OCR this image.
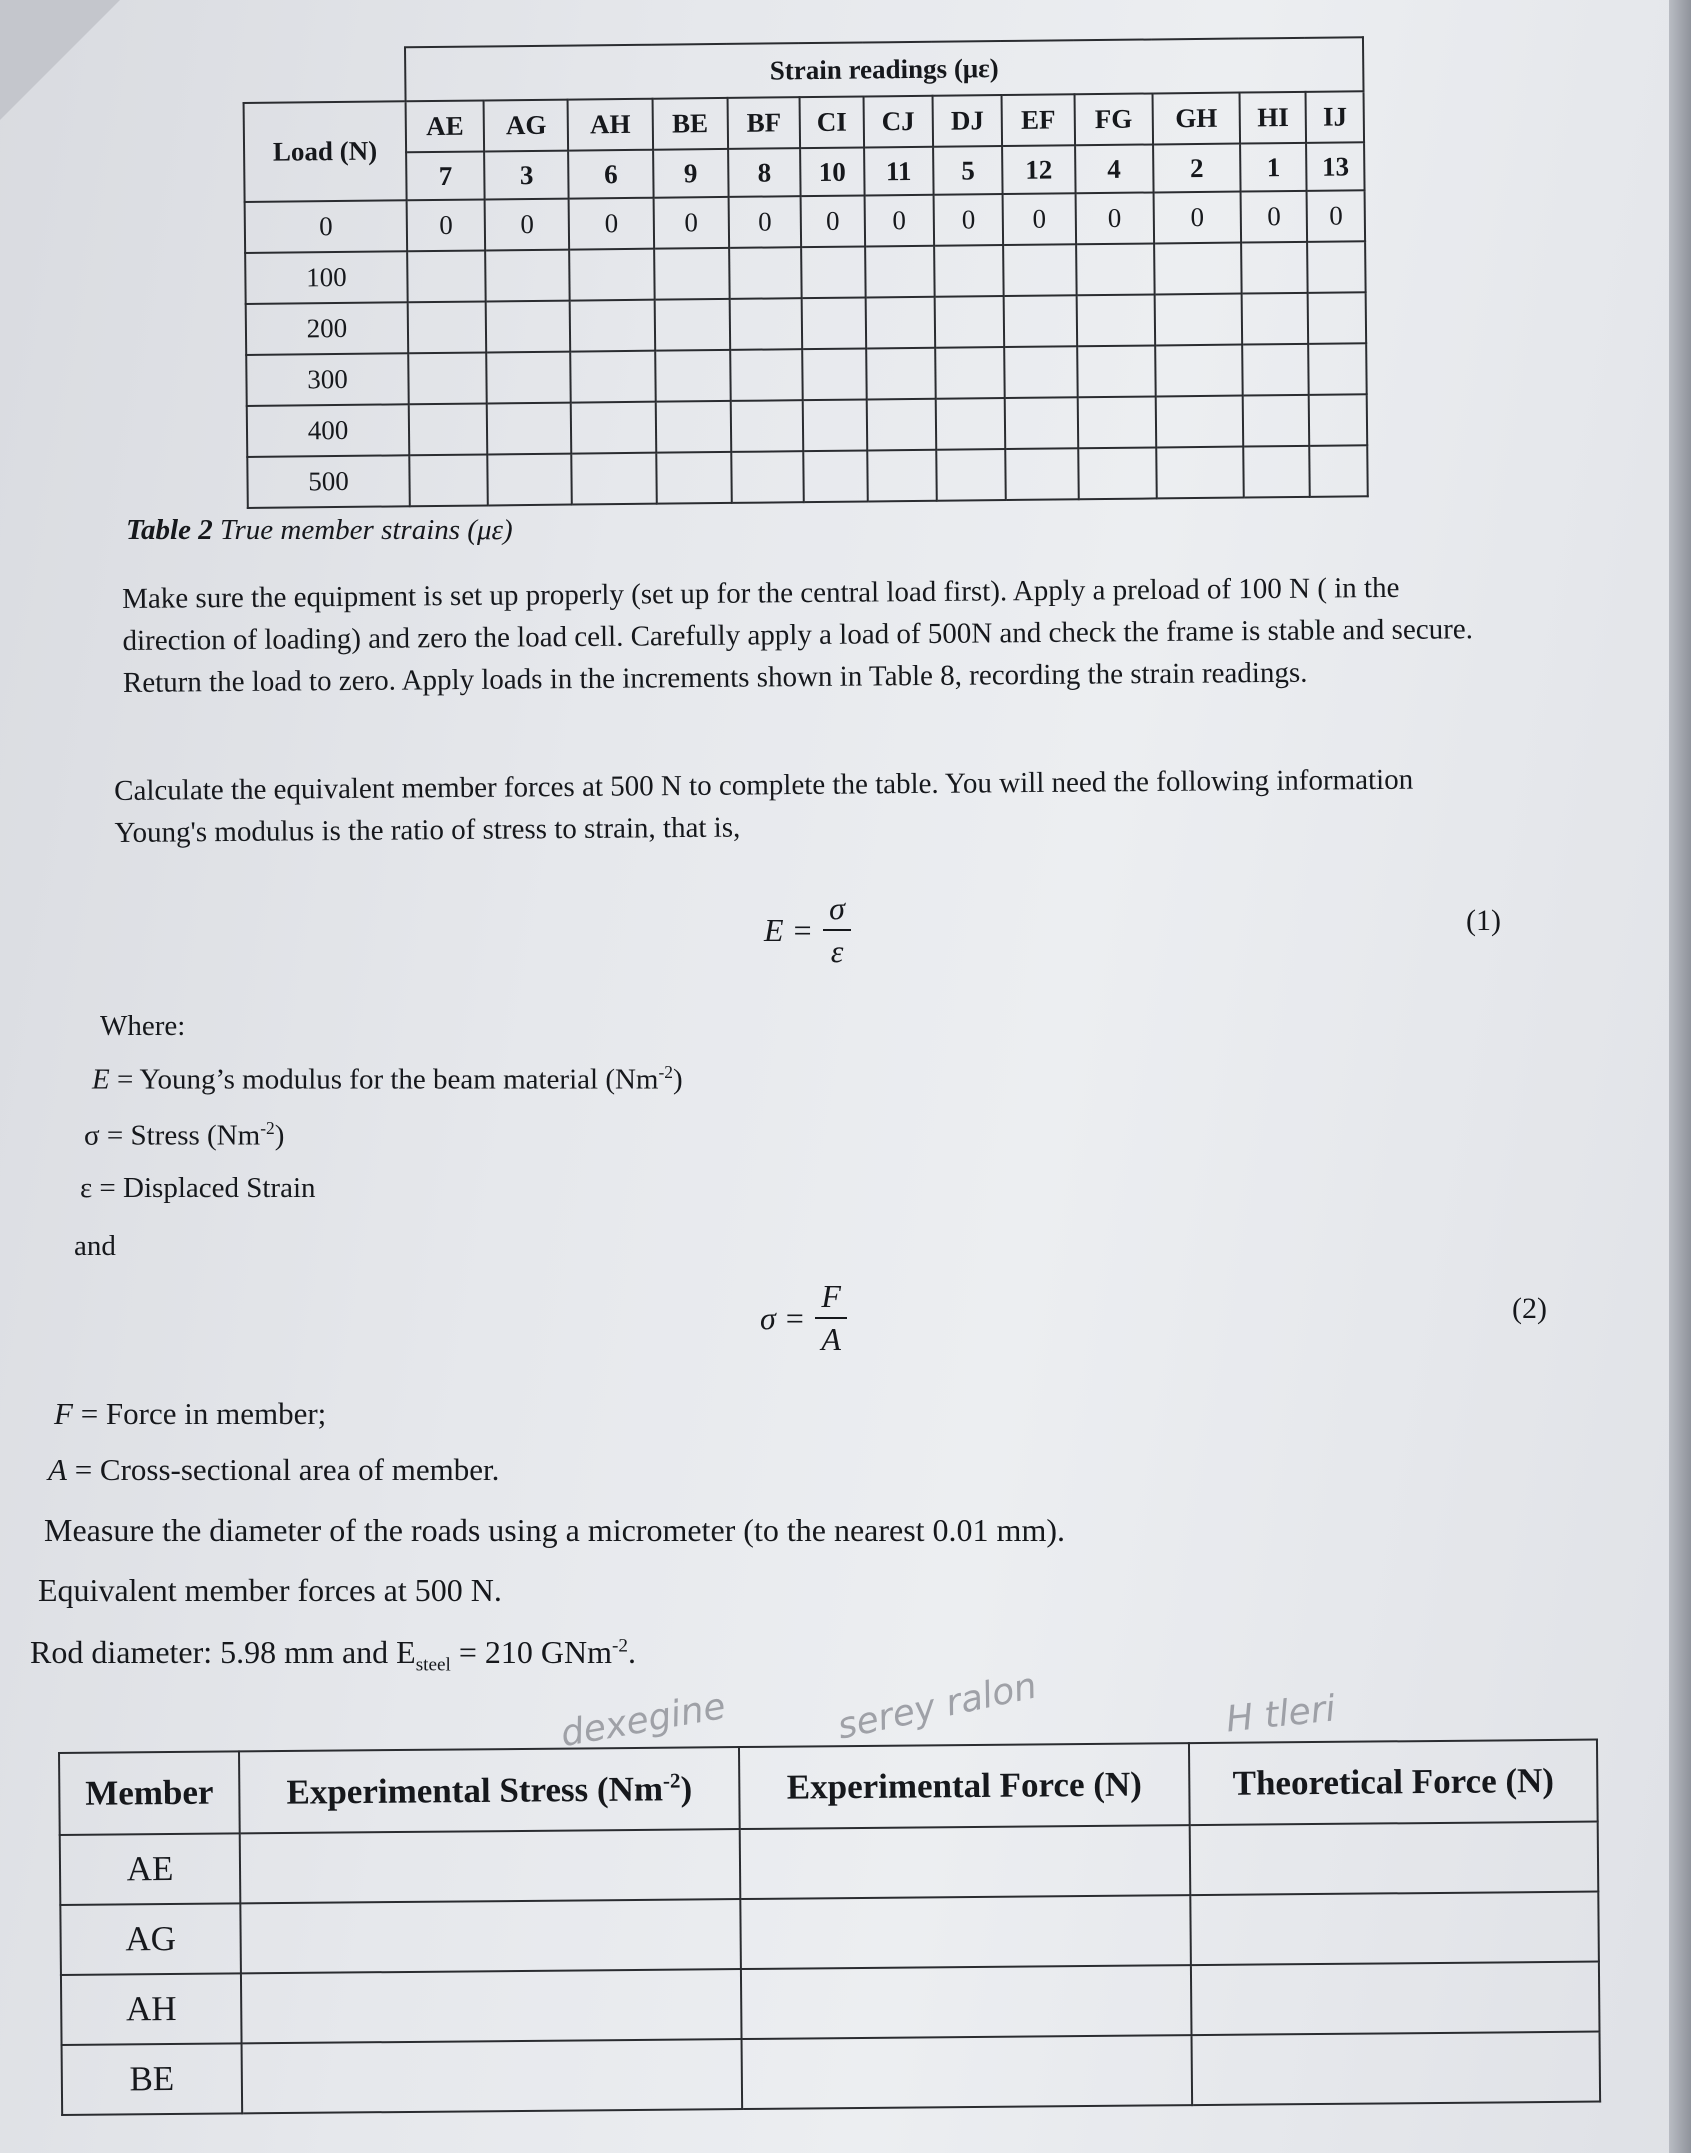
	Strain readings (με)												
Load (N)	AE	AG	AH	BE	BF	CI	CJ	DJ	EF	FG	GH	HI	IJ
	7	3	6	9	8	10	11	5	12	4	2	1	13
0	0	0	0	0	0	0	0	0	0	0	0	0	0
100													
200													
300													
400													
500													
Table 2 True member strains (με)
Make sure the equipment is set up properly (set up for the central load first). Apply a preload of 100 N ( in the direction of loading) and zero the load cell. Carefully apply a load of 500N and check the frame is stable and secure. Return the load to zero. Apply loads in the increments shown in Table 8, recording the strain readings.
Calculate the equivalent member forces at 500 N to complete the table. You will need the following information Young's modulus is the ratio of stress to strain, that is,
$E = \frac{\sigma}{\varepsilon}$	(1)
Where:
E = Young’s modulus for the beam material $(Nm^{-2})$
σ = Stress $(Nm^{-2})$
ε = Displaced Strain
and
$\sigma = \frac{F}{A}$	(2)
F = Force in member;
A = Cross-sectional area of member.
Measure the diameter of the roads using a micrometer (to the nearest 0.01 mm).
Equivalent member forces at 500 N.
Rod diameter: 5.98 mm and $E_{steel} = 210$ GNm$^{-2}$.
dexegine	serey ralon	H tleri
Member	Experimental Stress $(Nm^{-2})$	Experimental Force (N)	Theoretical Force (N)
AE			
AG			
AH			
BE			
